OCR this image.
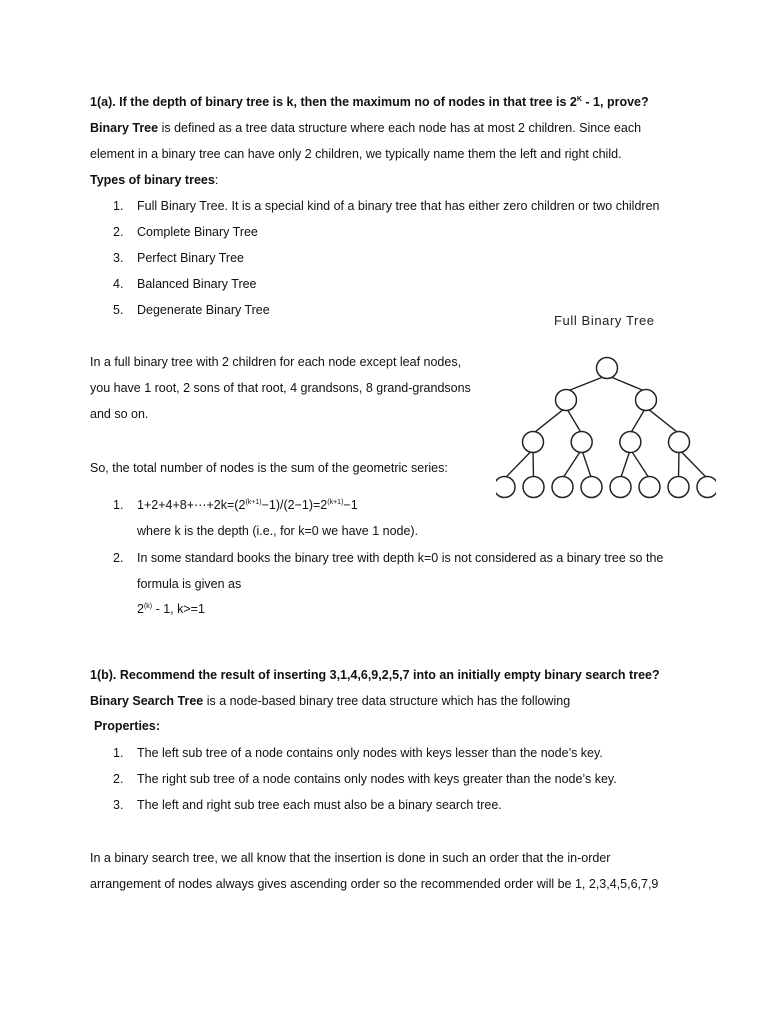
1(a). If the depth of binary tree is k, then the maximum no of nodes in that tree is $2^K - 1$, prove?
Binary Tree is defined as a tree data structure where each node has at most 2 children. Since each
element in a binary tree can have only 2 children, we typically name them the left and right child.
Types of binary trees:
1. Full Binary Tree. It is a special kind of a binary tree that has either zero children or two children
2. Complete Binary Tree
3. Perfect Binary Tree
4. Balanced Binary Tree
5. Degenerate Binary Tree
Full Binary Tree
In a full binary tree with 2 children for each node except leaf nodes,
you have 1 root, 2 sons of that root, 4 grandsons, 8 grand-grandsons
and so on.
So, the total number of nodes is the sum of the geometric series:
1. $1+2+4+8+\cdots+2k=(2^{(k+1)}-1)/(2-1)=2^{(k+1)}-1$
where k is the depth (i.e., for k=0 we have 1 node).
2. In some standard books the binary tree with depth k=0 is not considered as a binary tree so the
formula is given as
2$^{(k)}$ - 1, k>=1
1(b). Recommend the result of inserting 3,1,4,6,9,2,5,7 into an initially empty binary search tree?
Binary Search Tree is a node-based binary tree data structure which has the following
Properties:
1. The left sub tree of a node contains only nodes with keys lesser than the node’s key.
2. The right sub tree of a node contains only nodes with keys greater than the node’s key.
3. The left and right sub tree each must also be a binary search tree.
In a binary search tree, we all know that the insertion is done in such an order that the in-order
arrangement of nodes always gives ascending order so the recommended order will be 1, 2,3,4,5,6,7,9
